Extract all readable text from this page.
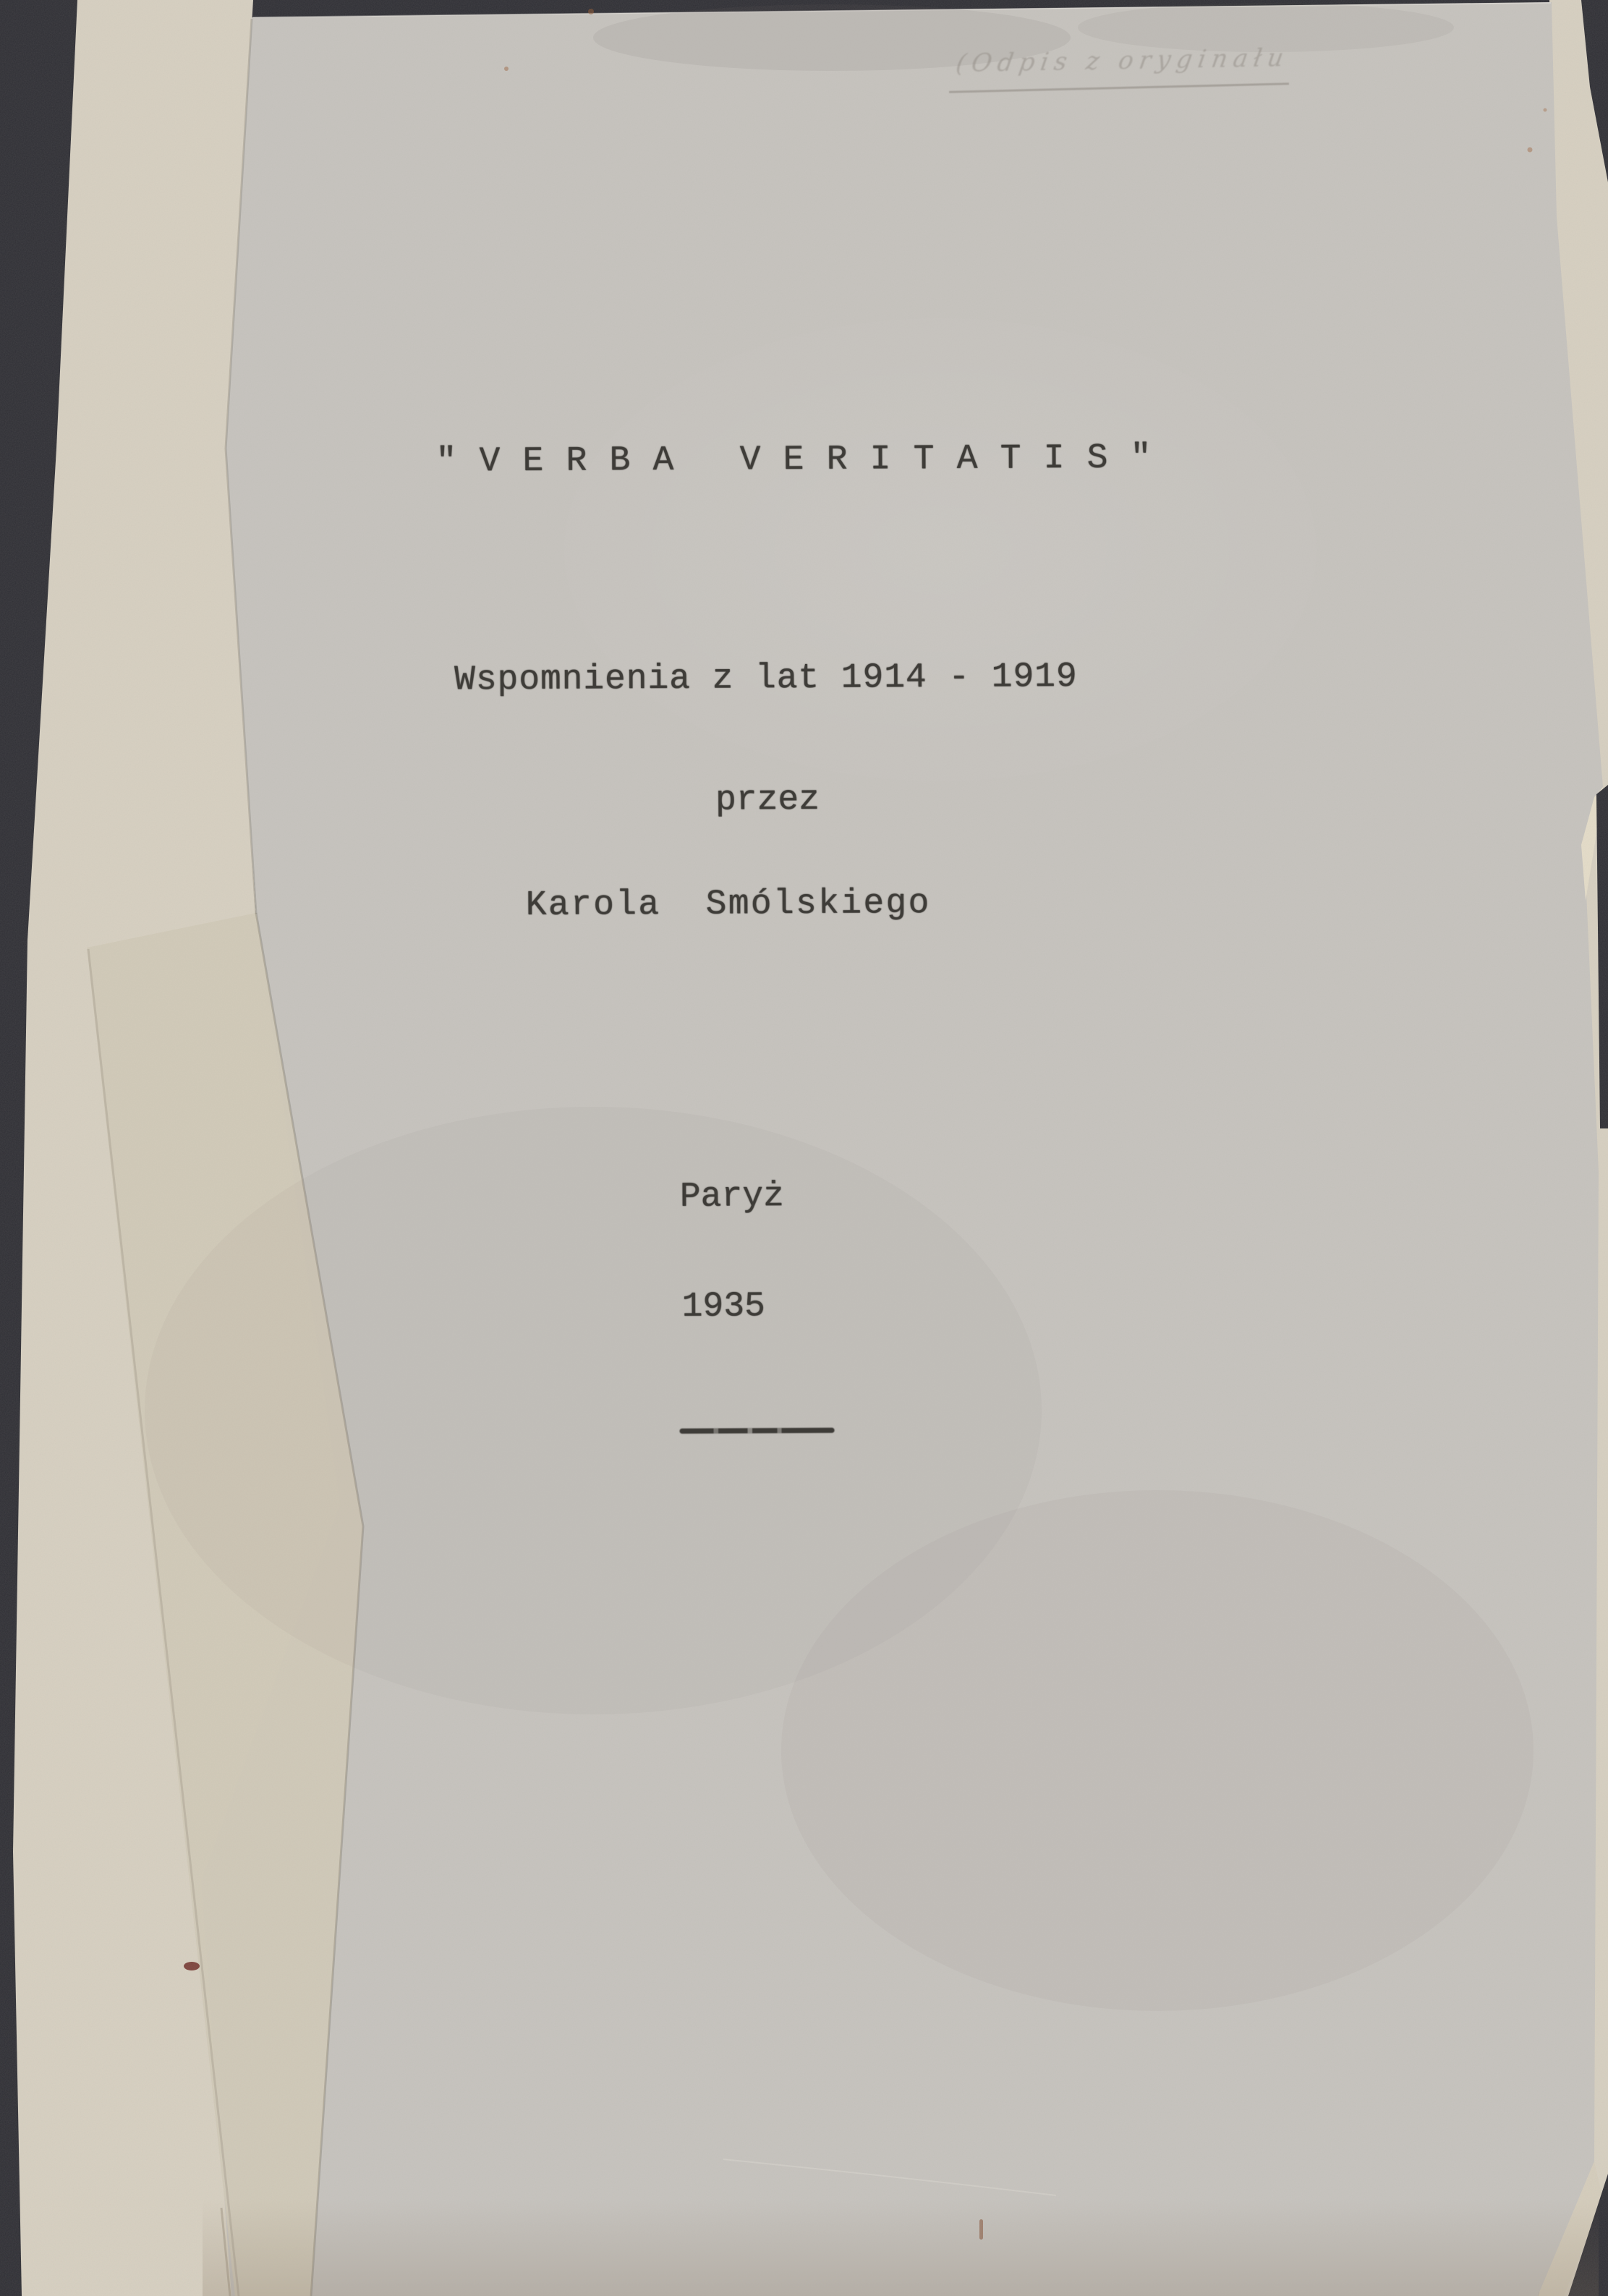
" V E R B A   V E R I T A T I S "
Wspomnienia z lat 1914 - 1919
przez
Karola  Smólskiego
Paryż
1935
(Odpis z oryginału
